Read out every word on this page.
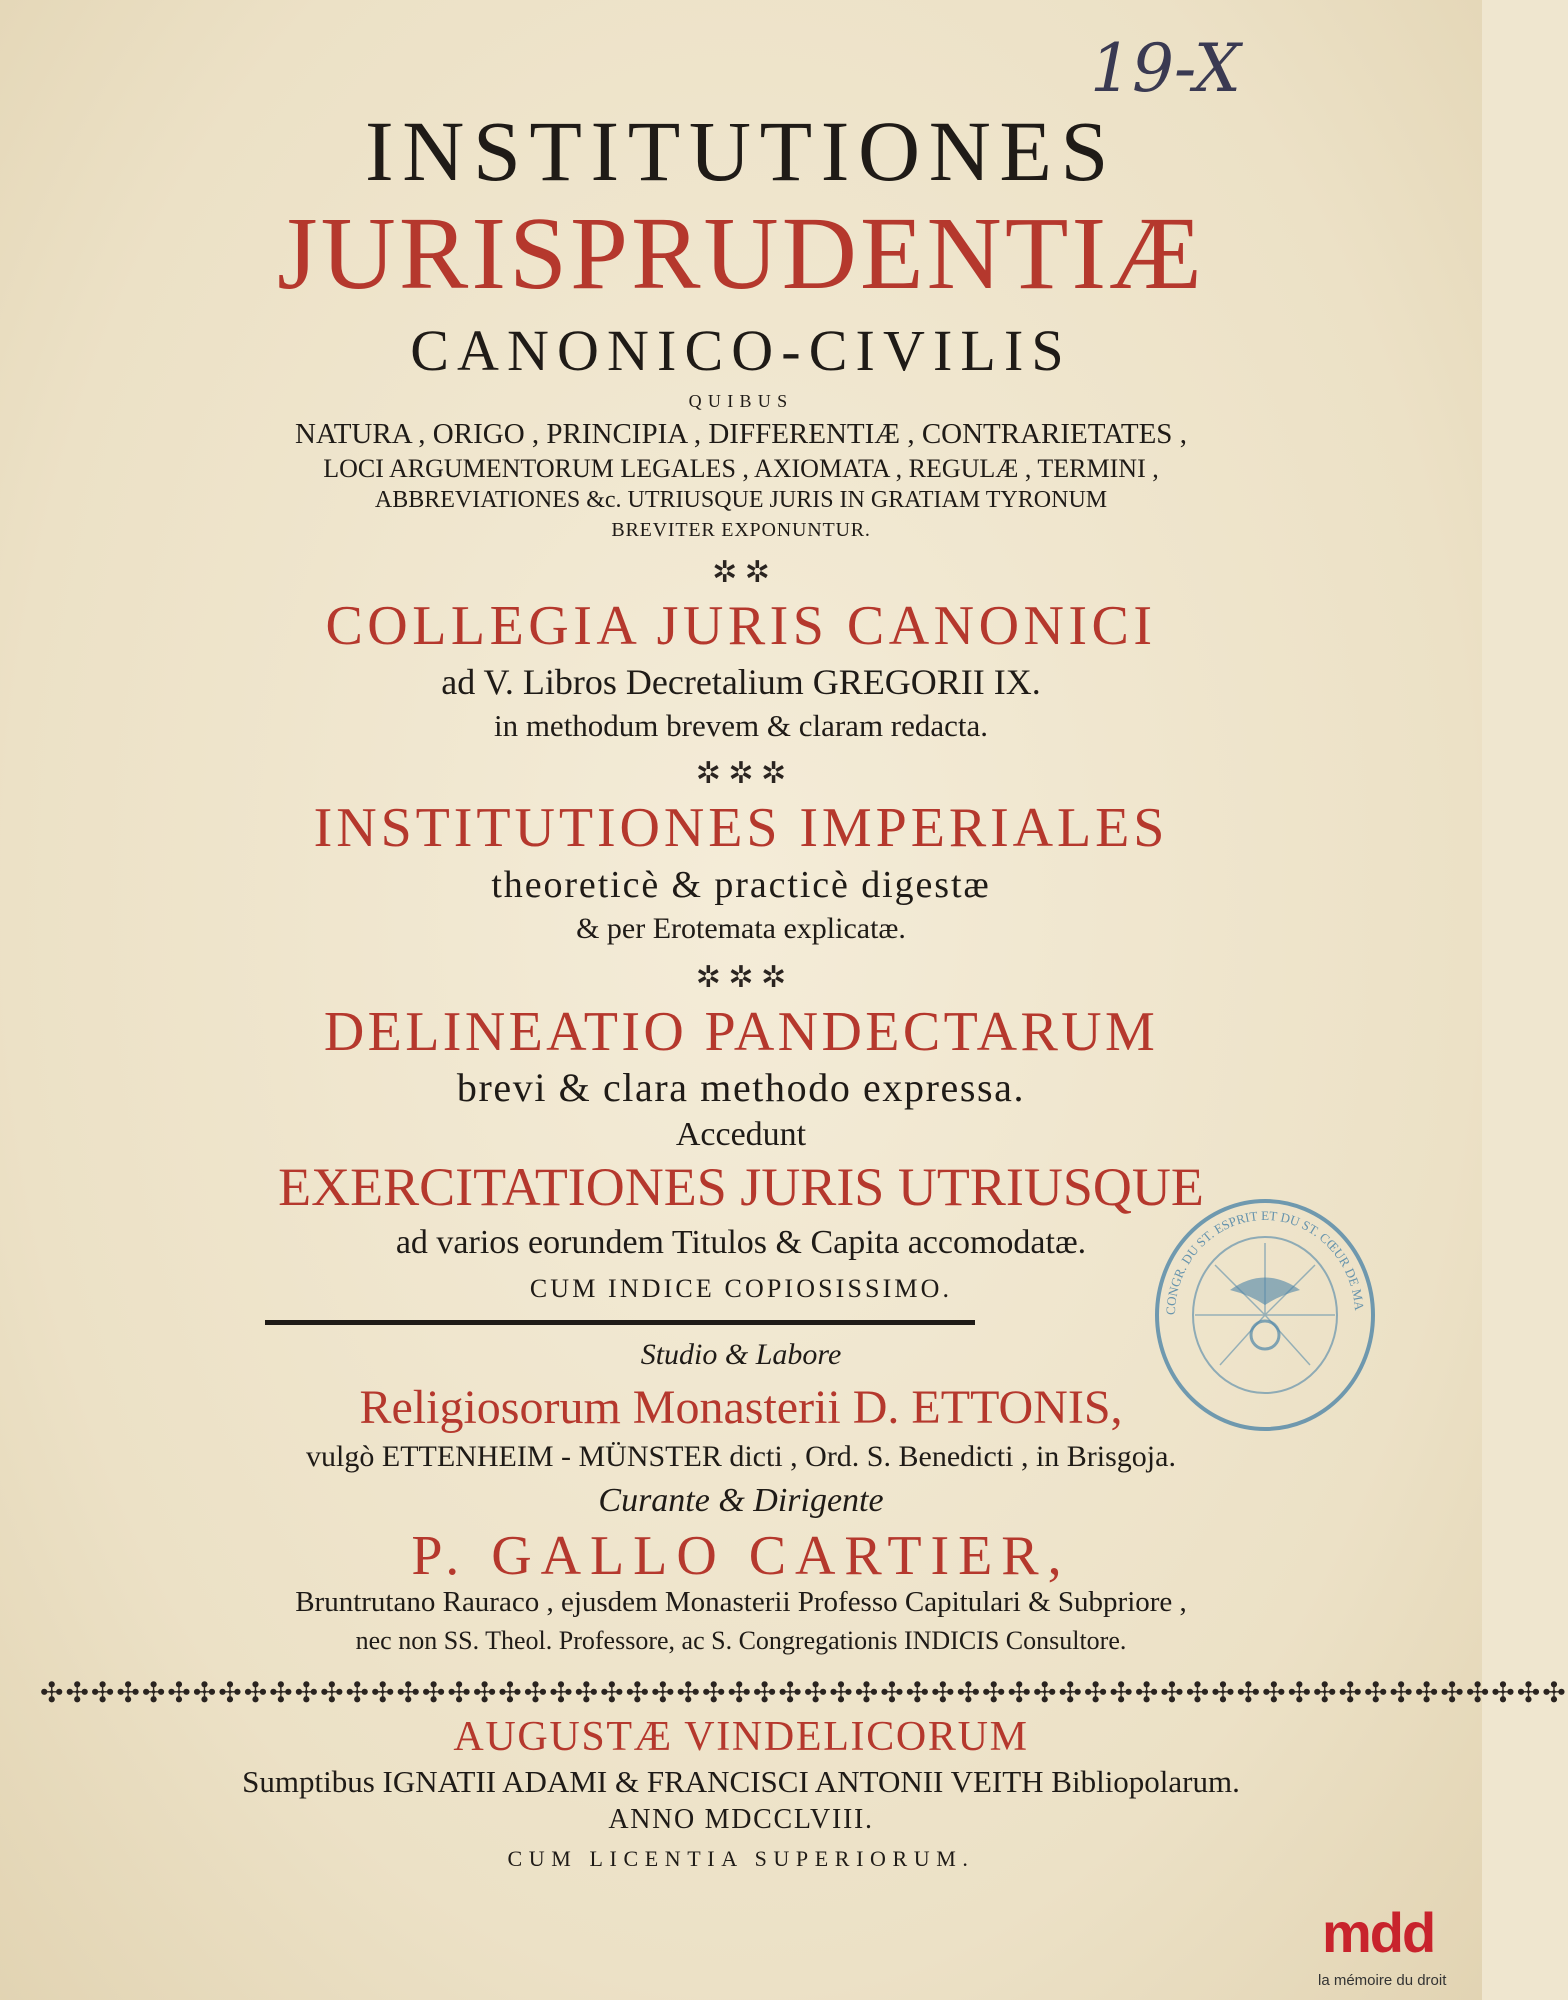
19-X
INSTITUTIONES
JURISPRUDENTIÆ
CANONICO-CIVILIS
QUIBUS
NATURA , ORIGO , PRINCIPIA , DIFFERENTIÆ , CONTRARIETATES ,
LOCI ARGUMENTORUM LEGALES , AXIOMATA , REGULÆ , TERMINI ,
ABBREVIATIONES &c. UTRIUSQUE JURIS IN GRATIAM TYRONUM
BREVITER EXPONUNTUR.
✲ ✲
COLLEGIA JURIS CANONICI
ad V. Libros Decretalium GREGORII IX.
in methodum brevem & claram redacta.
✲ ✲ ✲
INSTITUTIONES IMPERIALES
theoreticè & practicè digestæ
& per Erotemata explicatæ.
✲ ✲ ✲
DELINEATIO PANDECTARUM
brevi & clara methodo expressa.
Accedunt
EXERCITATIONES JURIS UTRIUSQUE
ad varios eorundem Titulos & Capita accomodatæ.
CUM INDICE COPIOSISSIMO.
Studio & Labore
Religiosorum Monasterii D. ETTONIS,
vulgò ETTENHEIM - MÜNSTER dicti , Ord. S. Benedicti , in Brisgoja.
Curante & Dirigente
P. GALLO CARTIER,
Bruntrutano Rauraco , ejusdem Monasterii Professo Capitulari & Subpriore ,
nec non SS. Theol. Professore, ac S. Congregationis INDICIS Consultore.
✣✣✣✣✣✣✣✣✣✣✣✣✣✣✣✣✣✣✣✣✣✣✣✣✣✣✣✣✣✣✣✣✣✣✣✣✣✣✣✣✣✣✣✣✣✣✣✣✣✣✣✣✣✣✣✣✣✣✣✣
AUGUSTÆ VINDELICORUM
Sumptibus IGNATII ADAMI & FRANCISCI ANTONII VEITH Bibliopolarum.
ANNO MDCCLVIII.
CUM LICENTIA SUPERIORUM.
CONGR. DU ST. ESPRIT ET DU ST. CŒUR DE MA
mdd
la mémoire du droit
